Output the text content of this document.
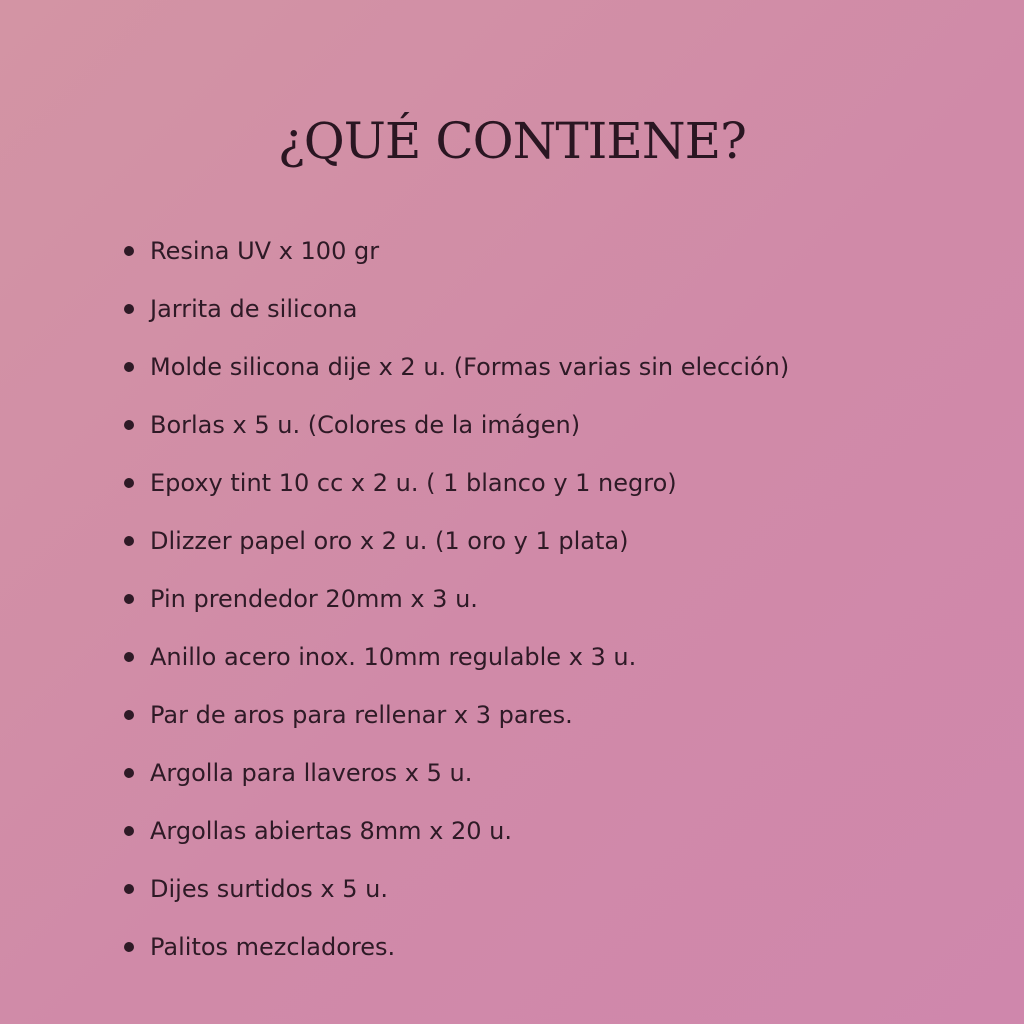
¿QUÉ CONTIENE?
Resina UV x 100 gr
Jarrita de silicona
Molde silicona dije x 2 u. (Formas varias sin elección)
Borlas x 5 u. (Colores de la imágen)
Epoxy tint 10 cc x 2 u. ( 1 blanco y 1 negro)
Dlizzer papel oro x 2 u. (1 oro y 1 plata)
Pin prendedor 20mm x 3 u.
Anillo acero inox. 10mm regulable x 3 u.
Par de aros para rellenar x 3 pares.
Argolla para llaveros x 5 u.
Argollas abiertas 8mm x 20 u.
Dijes surtidos x 5 u.
Palitos mezcladores.
